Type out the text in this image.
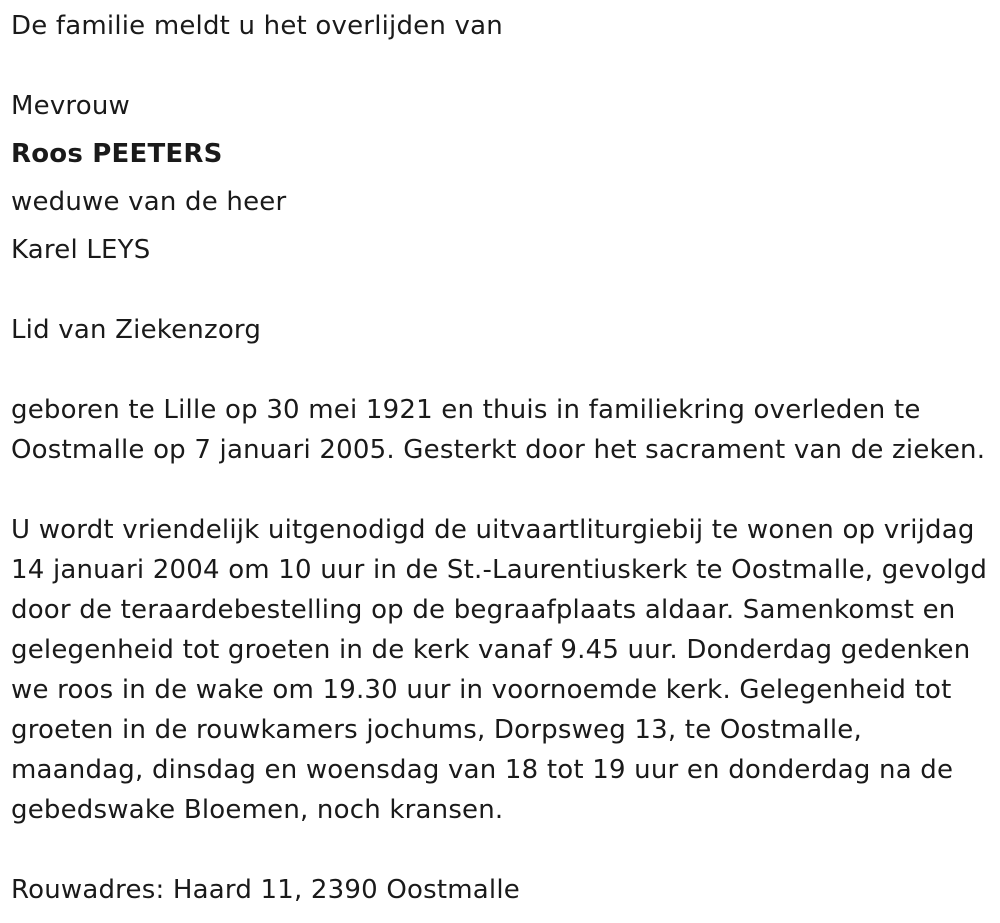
De familie meldt u het overlijden van
Mevrouw
Roos PEETERS
weduwe van de heer
Karel LEYS
Lid van Ziekenzorg
geboren te Lille op 30 mei 1921 en thuis in familiekring overleden te
Oostmalle op 7 januari 2005. Gesterkt door het sacrament van de zieken.
U wordt vriendelijk uitgenodigd de uitvaartliturgiebij te wonen op vrijdag
14 januari 2004 om 10 uur in de St.-Laurentiuskerk te Oostmalle, gevolgd
door de teraardebestelling op de begraafplaats aldaar. Samenkomst en
gelegenheid tot groeten in de kerk vanaf 9.45 uur. Donderdag gedenken
we roos in de wake om 19.30 uur in voornoemde kerk. Gelegenheid tot
groeten in de rouwkamers jochums, Dorpsweg 13, te Oostmalle,
maandag, dinsdag en woensdag van 18 tot 19 uur en donderdag na de
gebedswake Bloemen, noch kransen.
Rouwadres: Haard 11, 2390 Oostmalle
